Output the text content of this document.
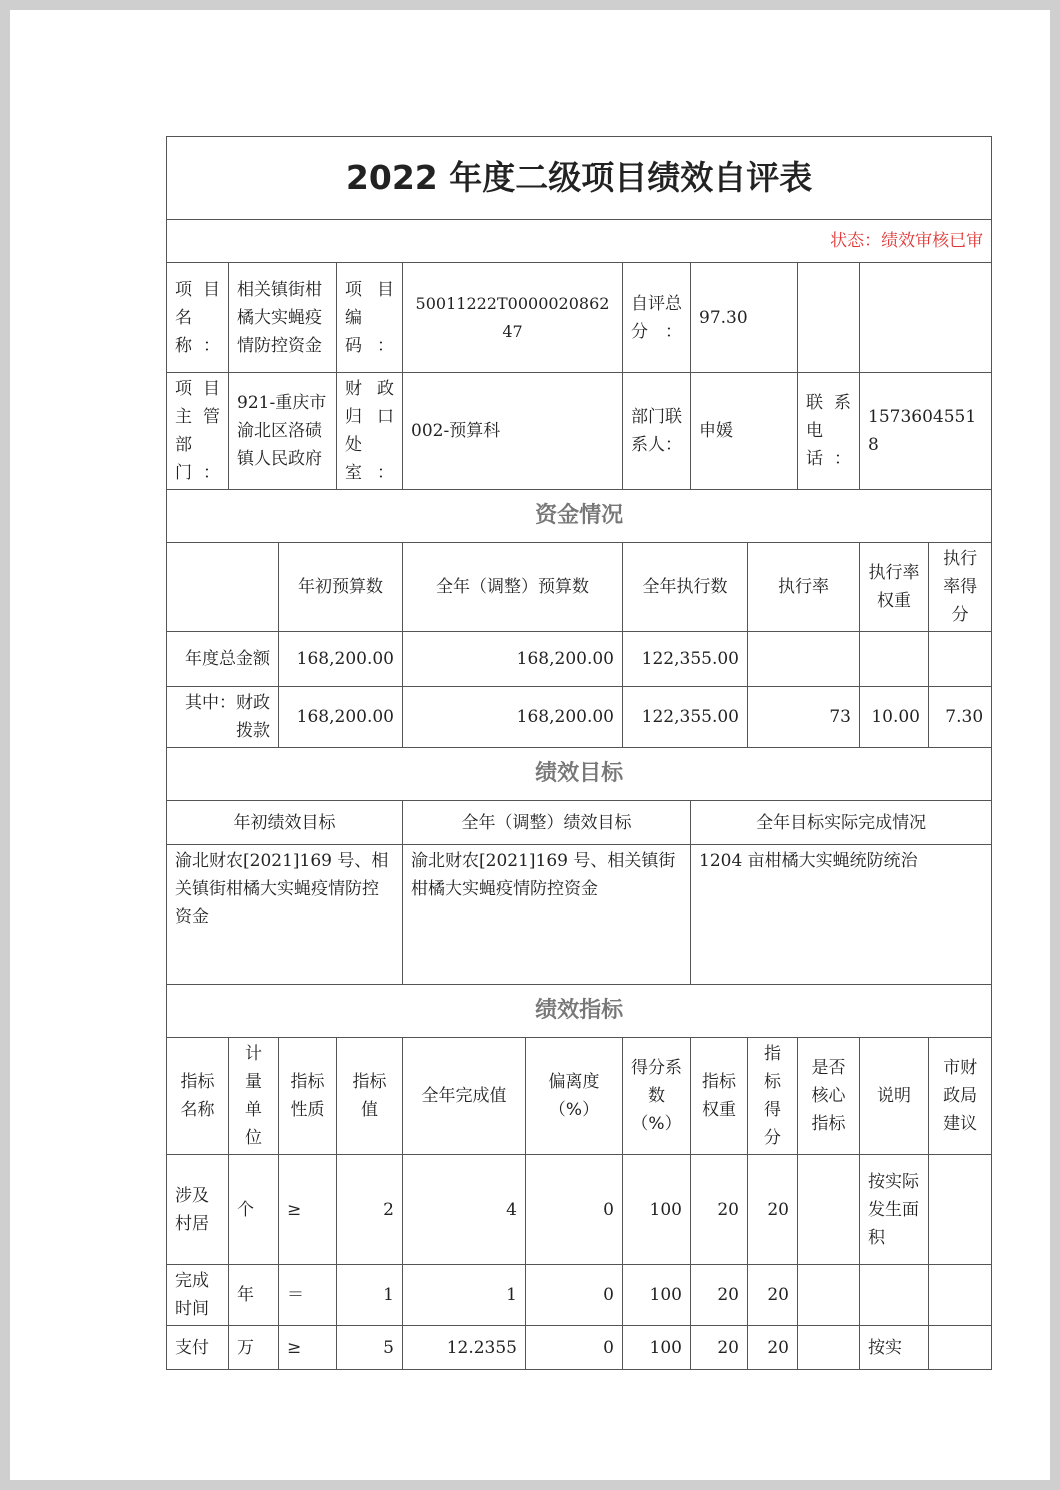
2022 年度二级项目绩效自评表											
状态：绩效审核已审											
项目名称：	相关镇街柑橘大实蝇疫情防控资金		项目编码：	50011222T000002086247		自评总分：	97.30				
项目主管部门：	921-重庆市渝北区洛碛镇人民政府		财政归口处室：	002-预算科		部门联系人：	申媛		联系电话：	15736045518	
资金情况											
		年初预算数		全年（调整）预算数		全年执行数		执行率		执行率权重	执行率得分
年度总金额		168,200.00		168,200.00		122,355.00					
其中：财政拨款		168,200.00		168,200.00		122,355.00		73		10.00	7.30
绩效目标											
年初绩效目标				全年（调整）绩效目标			全年目标实际完成情况				
渝北财农[2021]169 号、相关镇街柑橘大实蝇疫情防控资金				渝北财农[2021]169 号、相关镇街柑橘大实蝇疫情防控资金			1204 亩柑橘大实蝇统防统治				
绩效指标											
指标名称	计量单位	指标性质	指标值	全年完成值	偏离度（%）	得分系数（%）	指标权重	指标得分	是否核心指标	说明	市财政局建议
涉及村居	个	≥	2	4	0	100	20	20		按实际发生面积	
完成时间	年	＝	1	1	0	100	20	20			
支付	万	≥	5	12.2355	0	100	20	20		按实	
